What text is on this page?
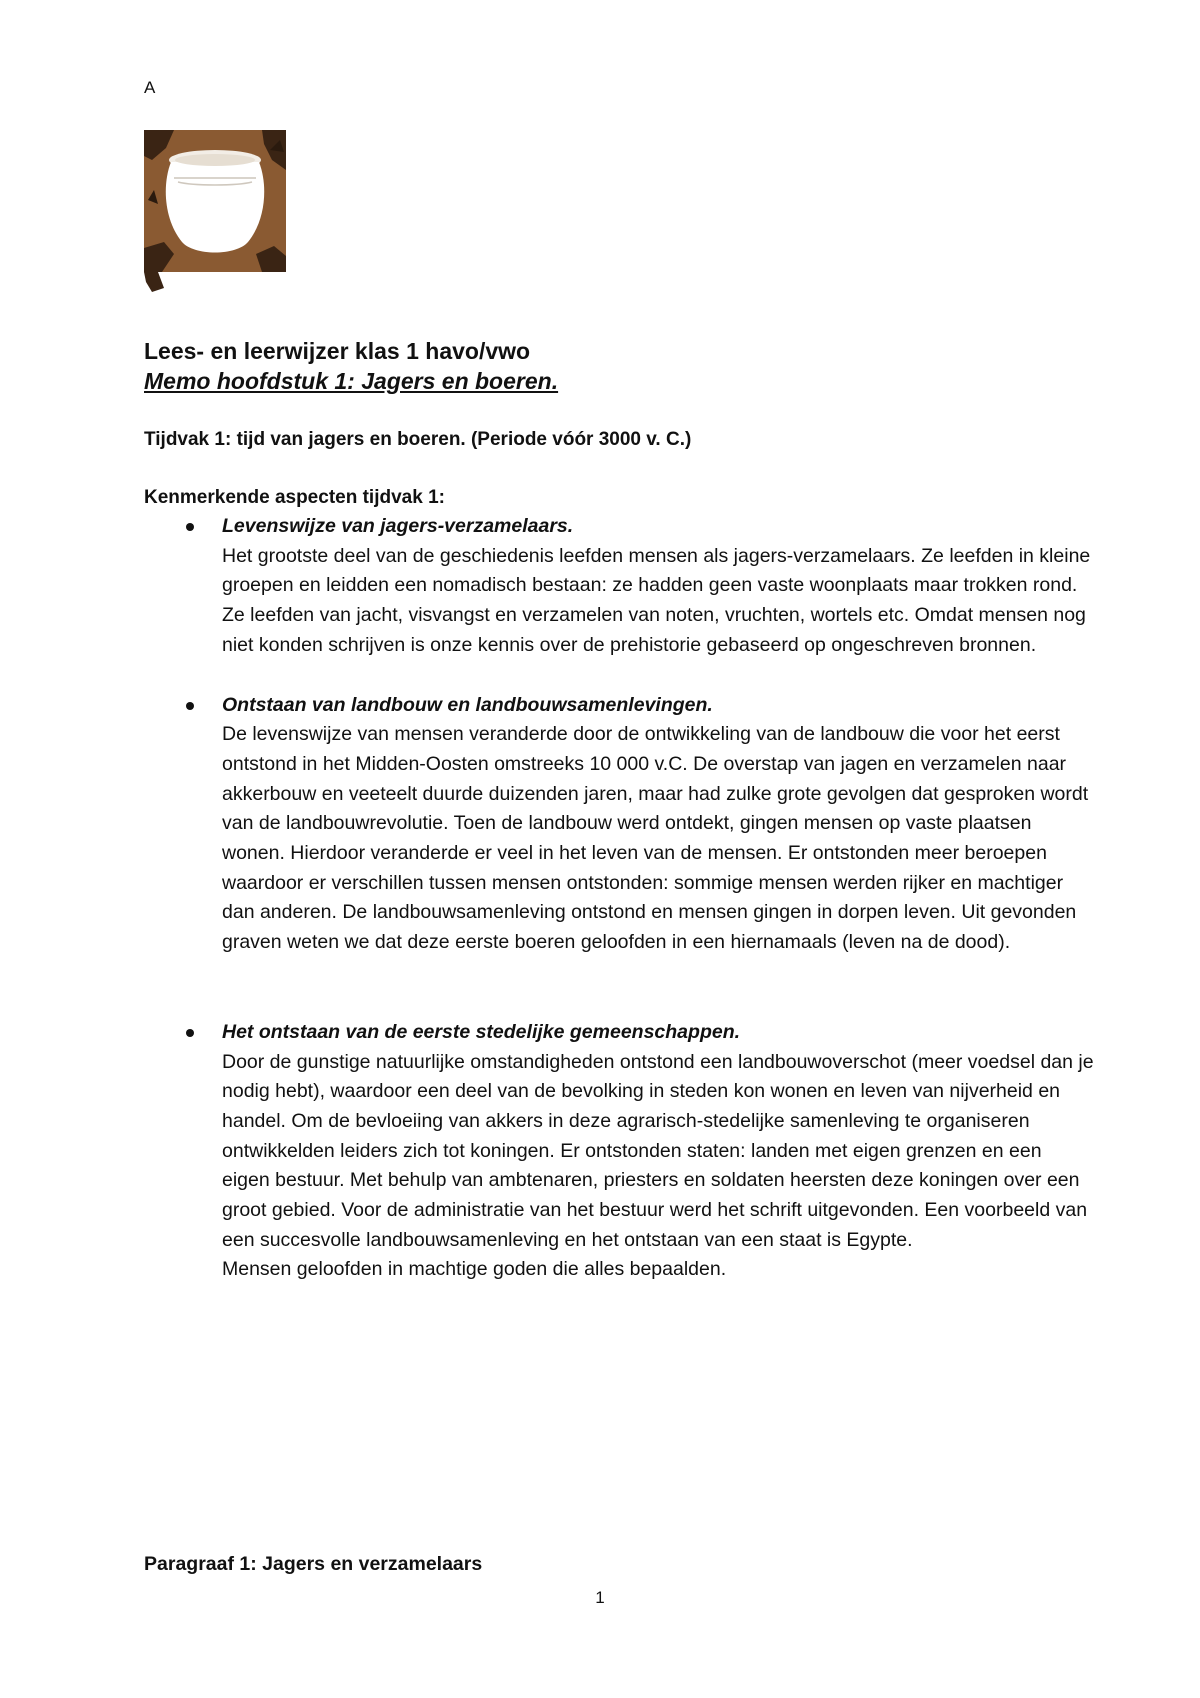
A
Lees- en leerwijzer klas 1 havo/vwo
Memo hoofdstuk 1: Jagers en boeren.

Tijdvak 1: tijd van jagers en boeren. (Periode vóór 3000 v. C.)

Kenmerkende aspecten tijdvak 1:

Levenswijze van jagers-verzamelaars.
Het grootste deel van de geschiedenis leefden mensen als jagers-verzamelaars. Ze leefden in kleine groepen en leidden een nomadisch bestaan: ze hadden geen vaste woonplaats maar trokken rond. Ze leefden van jacht, visvangst en verzamelen van noten, vruchten, wortels etc. Omdat mensen nog niet konden schrijven is onze kennis over de prehistorie gebaseerd op ongeschreven bronnen.
Ontstaan van landbouw en landbouwsamenlevingen.
De levenswijze van mensen veranderde door de ontwikkeling van de landbouw die voor het eerst ontstond in het Midden-Oosten omstreeks 10 000 v.C. De overstap van jagen en verzamelen naar akkerbouw en veeteelt duurde duizenden jaren, maar had zulke grote gevolgen dat gesproken wordt van de landbouwrevolutie. Toen de landbouw werd ontdekt, gingen mensen op vaste plaatsen wonen. Hierdoor veranderde er veel in het leven van de mensen. Er ontstonden meer beroepen waardoor er verschillen tussen mensen ontstonden: sommige mensen werden rijker en machtiger dan anderen. De landbouwsamenleving ontstond en mensen gingen in dorpen leven. Uit gevonden graven weten we dat deze eerste boeren geloofden in een hiernamaals (leven na de dood).
Het ontstaan van de eerste stedelijke gemeenschappen.
Door de gunstige natuurlijke omstandigheden ontstond een landbouwoverschot (meer voedsel dan je nodig hebt), waardoor een deel van de bevolking in steden kon wonen en leven van nijverheid en handel. Om de bevloeiing van akkers in deze agrarisch-stedelijke samenleving te organiseren ontwikkelden leiders zich tot koningen. Er ontstonden staten: landen met eigen grenzen en een eigen bestuur. Met behulp van ambtenaren, priesters en soldaten heersten deze koningen over een groot gebied. Voor de administratie van het bestuur werd het schrift uitgevonden. Een voorbeeld van een succesvolle landbouwsamenleving en het ontstaan van een staat is Egypte.
Mensen geloofden in machtige goden die alles bepaalden.
Paragraaf 1: Jagers en verzamelaars
1
